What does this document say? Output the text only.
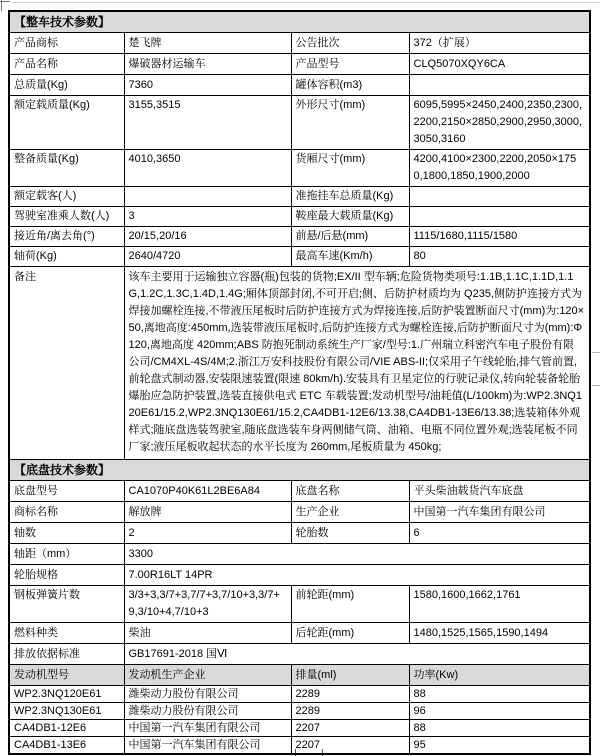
【整车技术参数】			
产品商标	楚飞牌	公告批次	372（扩展）
产品名称	爆破器材运输车	产品型号	CLQ5070XQY6CA
总质量(Kg)	7360	罐体容积(m3)	
额定载质量(Kg)	3155,3515	外形尺寸(mm)	6095,5995×2450,2400,2350,2300,2200,2150×2850,2900,2950,3000,3050,3160
整备质量(Kg)	4010,3650	货厢尺寸(mm)	4200,4100×2300,2200,2050×1750,1800,1850,1900,2000
额定载客(人)		准拖挂车总质量(Kg)	
驾驶室准乘人数(人)	3	鞍座最大载质量(Kg)	
接近角/离去角(°)	20/15,20/16	前悬/后悬(mm)	1115/1680,1115/1580
轴荷(Kg)	2640/4720	最高车速(Km/h)	80
备注	该车主要用于运输独立容器(瓶)包装的货物;EX/II 型车辆;危险货物类项号:1.1B,1.1C,1.1D,1.1G,1.2C,1.3C,1.4D,1.4G;厢体顶部封闭,不可开启;侧、后防护材质均为 Q235,侧防护连接方式为焊接加螺栓连接,不带液压尾板时后防护连接方式为焊接连接,后防护装置断面尺寸(mm)为:120×50,离地高度:450mm,选装带液压尾板时,后防护连接方式为螺栓连接,后防护断面尺寸为(mm):Φ120,离地高度 420mm;ABS 防抱死制动系统生产厂家/型号:1.广州瑞立科密汽车电子股份有限公司/CM4XL-4S/4M;2.浙江万安科技股份有限公司/VIE ABS-II;仅采用子午线轮胎,排气管前置,前轮盘式制动器,安装限速装置(限速 80km/h).安装具有卫星定位的行驶记录仪,转向轮装备轮胎爆胎应急防护装置,选装直接供电式 ETC 车载装置;发动机型号/油耗值(L/100km)为:WP2.3NQ120E61/15.2,WP2.3NQ130E61/15.2,CA4DB1-12E6/13.38,CA4DB1-13E6/13.38;选装箱体外观样式;随底盘选装驾驶室,随底盘选装车身两侧储气筒、油箱、电瓶不同位置外观;选装尾板不同厂家;液压尾板收起状态的水平长度为 260mm,尾板质量为 450kg;		
【底盘技术参数】			
底盘型号	CA1070P40K61L2BE6A84	底盘名称	平头柴油载货汽车底盘
商标名称	解放牌	生产企业	中国第一汽车集团有限公司
轴数	2	轮胎数	6
轴距（mm）	3300		
轮胎规格	7.00R16LT 14PR		
钢板弹簧片数	3/3+3,3/7+3,7/7+3,7/10+3,3/7+9,3/10+4,7/10+3	前轮距(mm)	1580,1600,1662,1761
燃料种类	柴油	后轮距(mm)	1480,1525,1565,1590,1494
排放依据标准	GB17691-2018 国Ⅵ		
发动机型号	发动机生产企业	排量(ml)	功率(Kw)
WP2.3NQ120E61	潍柴动力股份有限公司	2289	88
WP2.3NQ130E61	潍柴动力股份有限公司	2289	96
CA4DB1-12E6	中国第一汽车集团有限公司	2207	88
CA4DB1-13E6	中国第一汽车集团有限公司	2207	95
